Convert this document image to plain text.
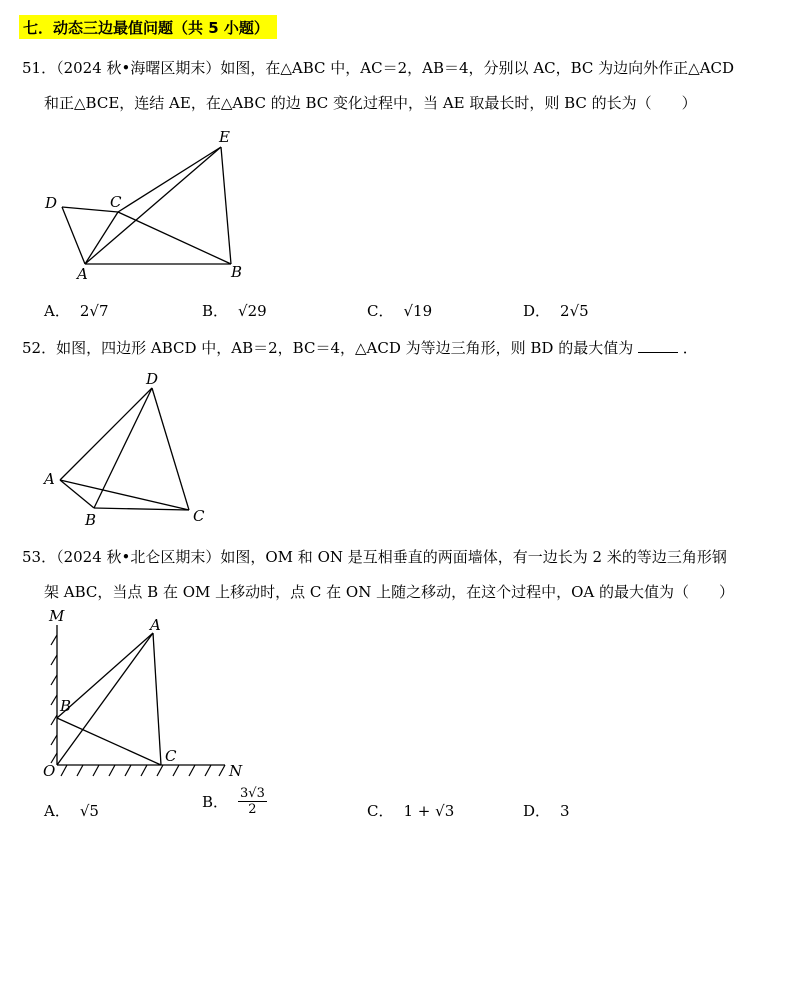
七．动态三边最值问题（共 5 小题）
51．（2024 秋•海曙区期末）如图，在△ABC 中，AC＝2，AB＝4，分别以 AC，BC 为边向外作正△ACD
和正△BCE，连结 AE，在△ABC 的边 BC 变化过程中，当 AE 取最长时，则 BC 的长为（　　）
D	C
E
A	B
A． 2√7	B． √29	C． √19	D． 2√5
52．如图，四边形 ABCD 中，AB＝2，BC＝4，△ACD 为等边三角形，则 BD 的最大值为	．
D
A
B	C
53．（2024 秋•北仑区期末）如图，OM 和 ON 是互相垂直的两面墙体，有一边长为 2 米的等边三角形钢
架 ABC，当点 B 在 OM 上移动时，点 C 在 ON 上随之移动，在这个过程中，OA 的最大值为（　　）
M	A
B
C
O	N
A． √5	B． $\frac{3√3}{2}$	C． 1 + √3	D． 3
